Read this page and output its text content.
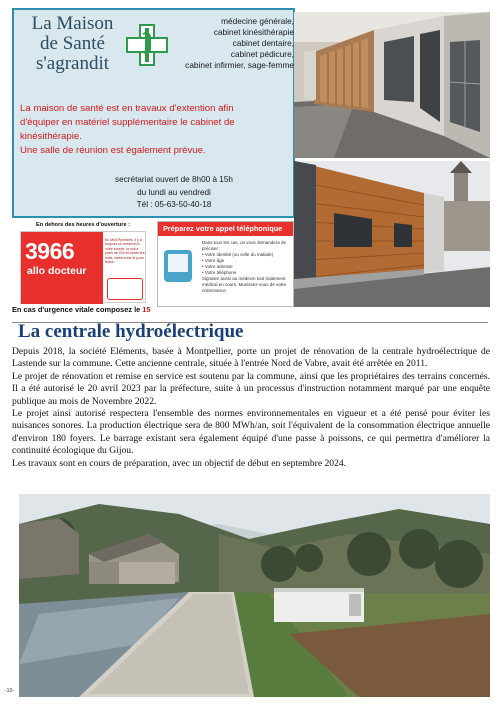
La Maison
de Santé
s'agrandit
médecine générale,
cabinet kinésithérapie
cabinet dentaire,
cabinet pédicure,
cabinet infirmier, sage-femme
La maison de santé est en travaux d'extention afin
d'équiper en matériel supplémentaire le cabinet de
kinésithérapie.
Une salle de réunion est également prévue.
secrétariat ouvert de 8h00 à 15h
du lundi au vendredi
Tél : 05-63-50-40-18
En dehors des heures d'ouverture :
3966
allo docteur
En Midi-Pyrénées, il y a toujours un médecin à votre écoute, la nuit à partir de 20h et toutes les nuits, week-ends et jours fériés.
Préparez votre appel téléphonique
Dans tous les cas, on vous demandera de préciser :
• Votre identité (ou celle du malade)
• Votre âge
• Votre adresse
• Votre téléphone
Signalez aussi au médecin tout traitement médical en cours. Munissez-vous de votre ordonnance.
En cas d'urgence vitale composez le 15
La centrale hydroélectrique

Depuis 2018, la société Eléments, basée à Montpellier, porte un projet de rénovation de la centrale hydroélectrique de Lastende sur la commune. Cette ancienne centrale, située à l'entrée Nord de Vabre, avait été arrêtée en 2011.

Le projet de rénovation et remise en service est soutenu par la commune, ainsi que les propriétaires des terrains concernés. Il a été autorisé le 20 avril 2023 par la préfecture, suite à un processus d'instruction notamment marqué par une enquête publique au mois de Novembre 2022.

Le projet ainsi autorisé respectera l'ensemble des normes environnementales en vigueur et a été pensé pour éviter les nuisances sonores. La production électrique sera de 800 MWh/an, soit l'équivalent de la consommation électrique annuelle d'environ 180 foyers. Le barrage existant sera également équipé d'une passe à poissons, ce qui permettra d'améliorer la continuité écologique du Gijou.

Les travaux sont en cours de préparation, avec un objectif de début en septembre 2024.

-10-
